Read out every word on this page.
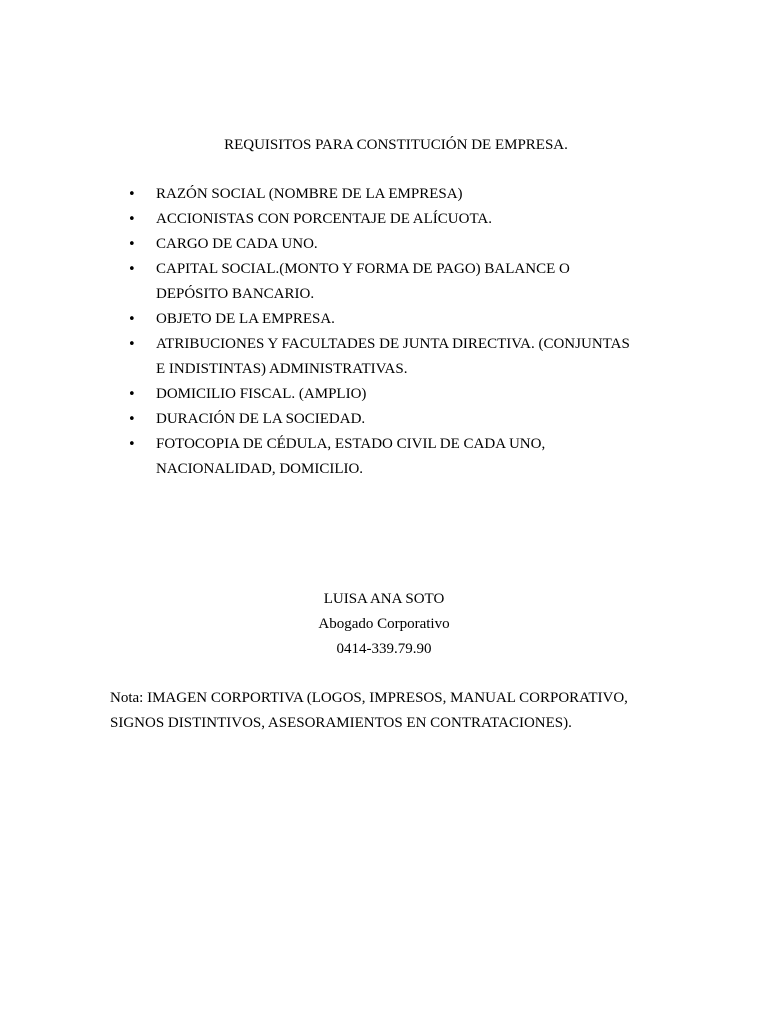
REQUISITOS PARA CONSTITUCIÓN DE EMPRESA.
• RAZÓN SOCIAL (NOMBRE DE LA EMPRESA)
• ACCIONISTAS CON PORCENTAJE DE ALÍCUOTA.
• CARGO DE CADA UNO.
• CAPITAL SOCIAL.(MONTO Y FORMA DE PAGO) BALANCE O
DEPÓSITO BANCARIO.
• OBJETO DE LA EMPRESA.
• ATRIBUCIONES Y FACULTADES DE JUNTA DIRECTIVA. (CONJUNTAS
E INDISTINTAS) ADMINISTRATIVAS.
• DOMICILIO FISCAL. (AMPLIO)
• DURACIÓN DE LA SOCIEDAD.
• FOTOCOPIA DE CÉDULA, ESTADO CIVIL DE CADA UNO,
NACIONALIDAD, DOMICILIO.
LUISA ANA SOTO
Abogado Corporativo
0414-339.79.90
Nota: IMAGEN CORPORTIVA (LOGOS, IMPRESOS, MANUAL CORPORATIVO,
SIGNOS DISTINTIVOS, ASESORAMIENTOS EN CONTRATACIONES).
